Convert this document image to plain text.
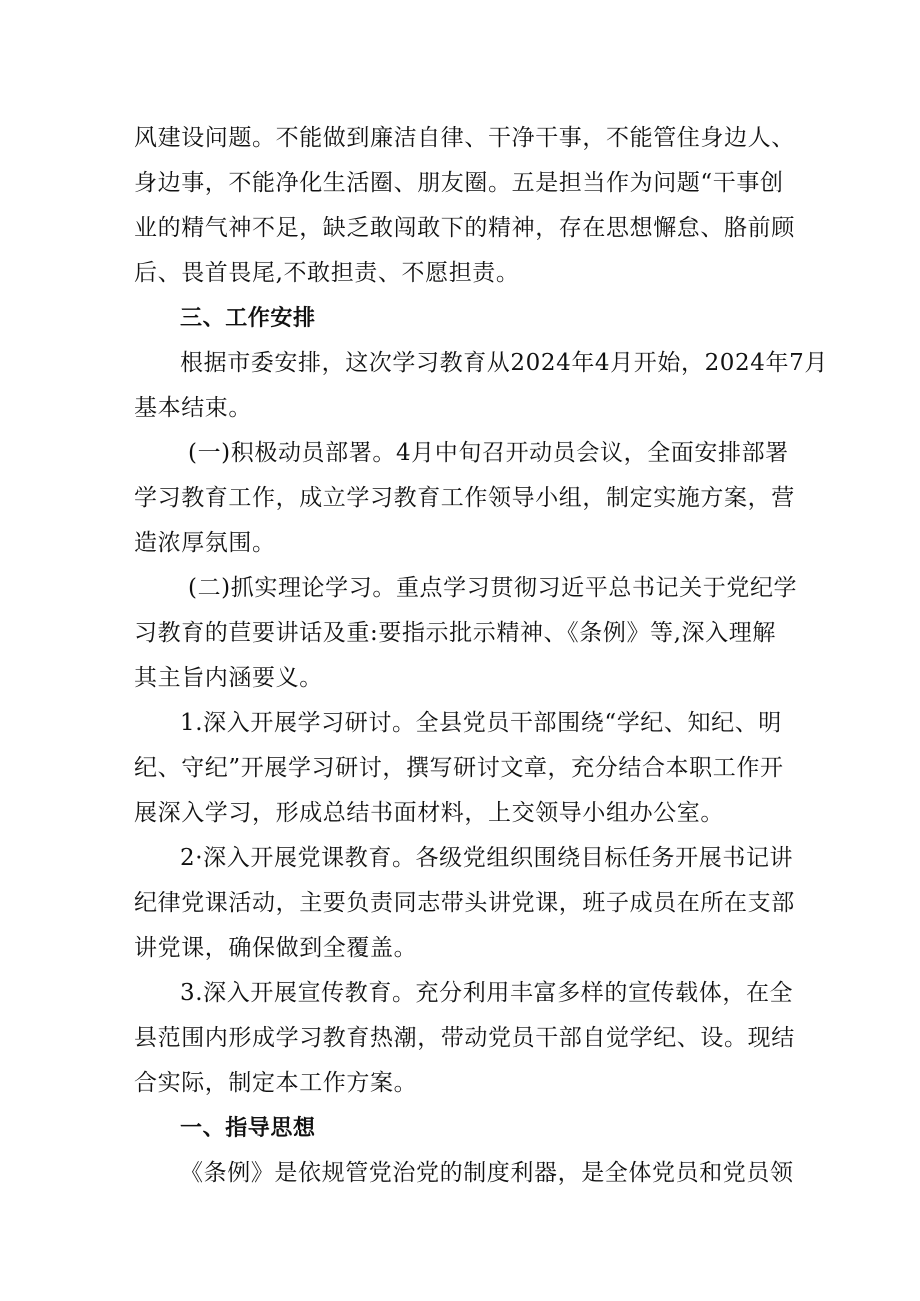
风建设问题。不能做到廉洁自律、干净干事，不能管住身边人、
身边事，不能净化生活圈、朋友圈。五是担当作为问题“干事创
业的精气神不足，缺乏敢闯敢下的精神，存在思想懈怠、胳前顾
后、畏首畏尾,不敢担责、不愿担责。
三、工作安排
根据市委安排，这次学习教育从2024年4月开始，2024年7月
基本结束。
(一)积极动员部署。4月中旬召开动员会议，全面安排部署
学习教育工作，成立学习教育工作领导小组，制定实施方案，营
造浓厚氛围。
(二)抓实理论学习。重点学习贯彻习近平总书记关于党纪学
习教育的苣要讲话及重:要指示批示精神、《条例》等,深入理解
其主旨内涵要义。
1.深入开展学习研讨。全县党员干部围绕“学纪、知纪、明
纪、守纪”开展学习研讨，撰写研讨文章，充分结合本职工作开
展深入学习，形成总结书面材料，上交领导小组办公室。
2·深入开展党课教育。各级党组织围绕目标任务开展书记讲
纪律党课活动，主要负责同志带头讲党课，班子成员在所在支部
讲党课，确保做到全覆盖。
3.深入开展宣传教育。充分利用丰富多样的宣传载体，在全
县范围内形成学习教育热潮，带动党员干部自觉学纪、设。现结
合实际，制定本工作方案。
一、指导思想
《条例》是依规管党治党的制度利器，是全体党员和党员领
